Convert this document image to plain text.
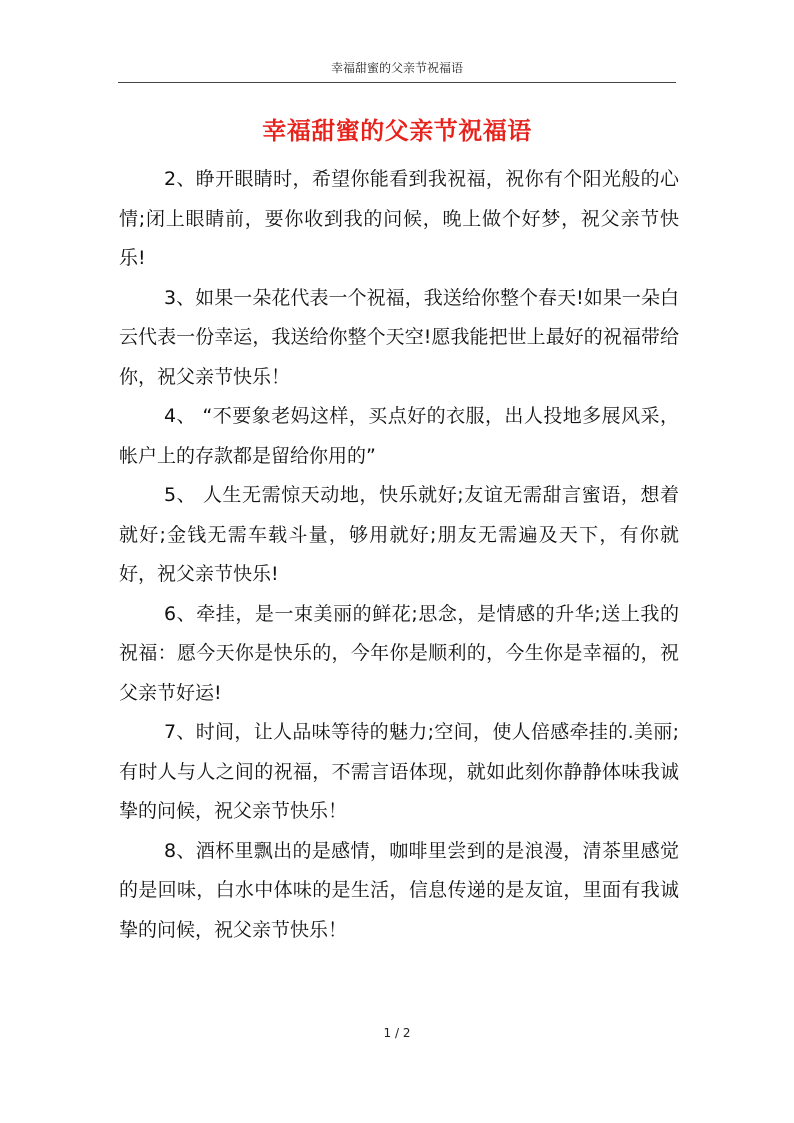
幸福甜蜜的父亲节祝福语
幸福甜蜜的父亲节祝福语

2、睁开眼睛时，希望你能看到我祝福，祝你有个阳光般的心情;闭上眼睛前，要你收到我的问候，晚上做个好梦，祝父亲节快乐!

3、如果一朵花代表一个祝福，我送给你整个春天!如果一朵白云代表一份幸运，我送给你整个天空!愿我能把世上最好的祝福带给你，祝父亲节快乐！

4、 “不要象老妈这样，买点好的衣服，出人投地多展风采，帐户上的存款都是留给你用的”

5、 人生无需惊天动地，快乐就好;友谊无需甜言蜜语，想着就好;金钱无需车载斗量，够用就好;朋友无需遍及天下，有你就好，祝父亲节快乐!

6、牵挂，是一束美丽的鲜花;思念，是情感的升华;送上我的祝福：愿今天你是快乐的，今年你是顺利的，今生你是幸福的，祝父亲节好运!

7、时间，让人品味等待的魅力;空间，使人倍感牵挂的.美丽;有时人与人之间的祝福，不需言语体现，就如此刻你静静体味我诚挚的问候，祝父亲节快乐！

8、酒杯里飘出的是感情，咖啡里尝到的是浪漫，清茶里感觉的是回味，白水中体味的是生活，信息传递的是友谊，里面有我诚挚的问候，祝父亲节快乐！

1 / 2
